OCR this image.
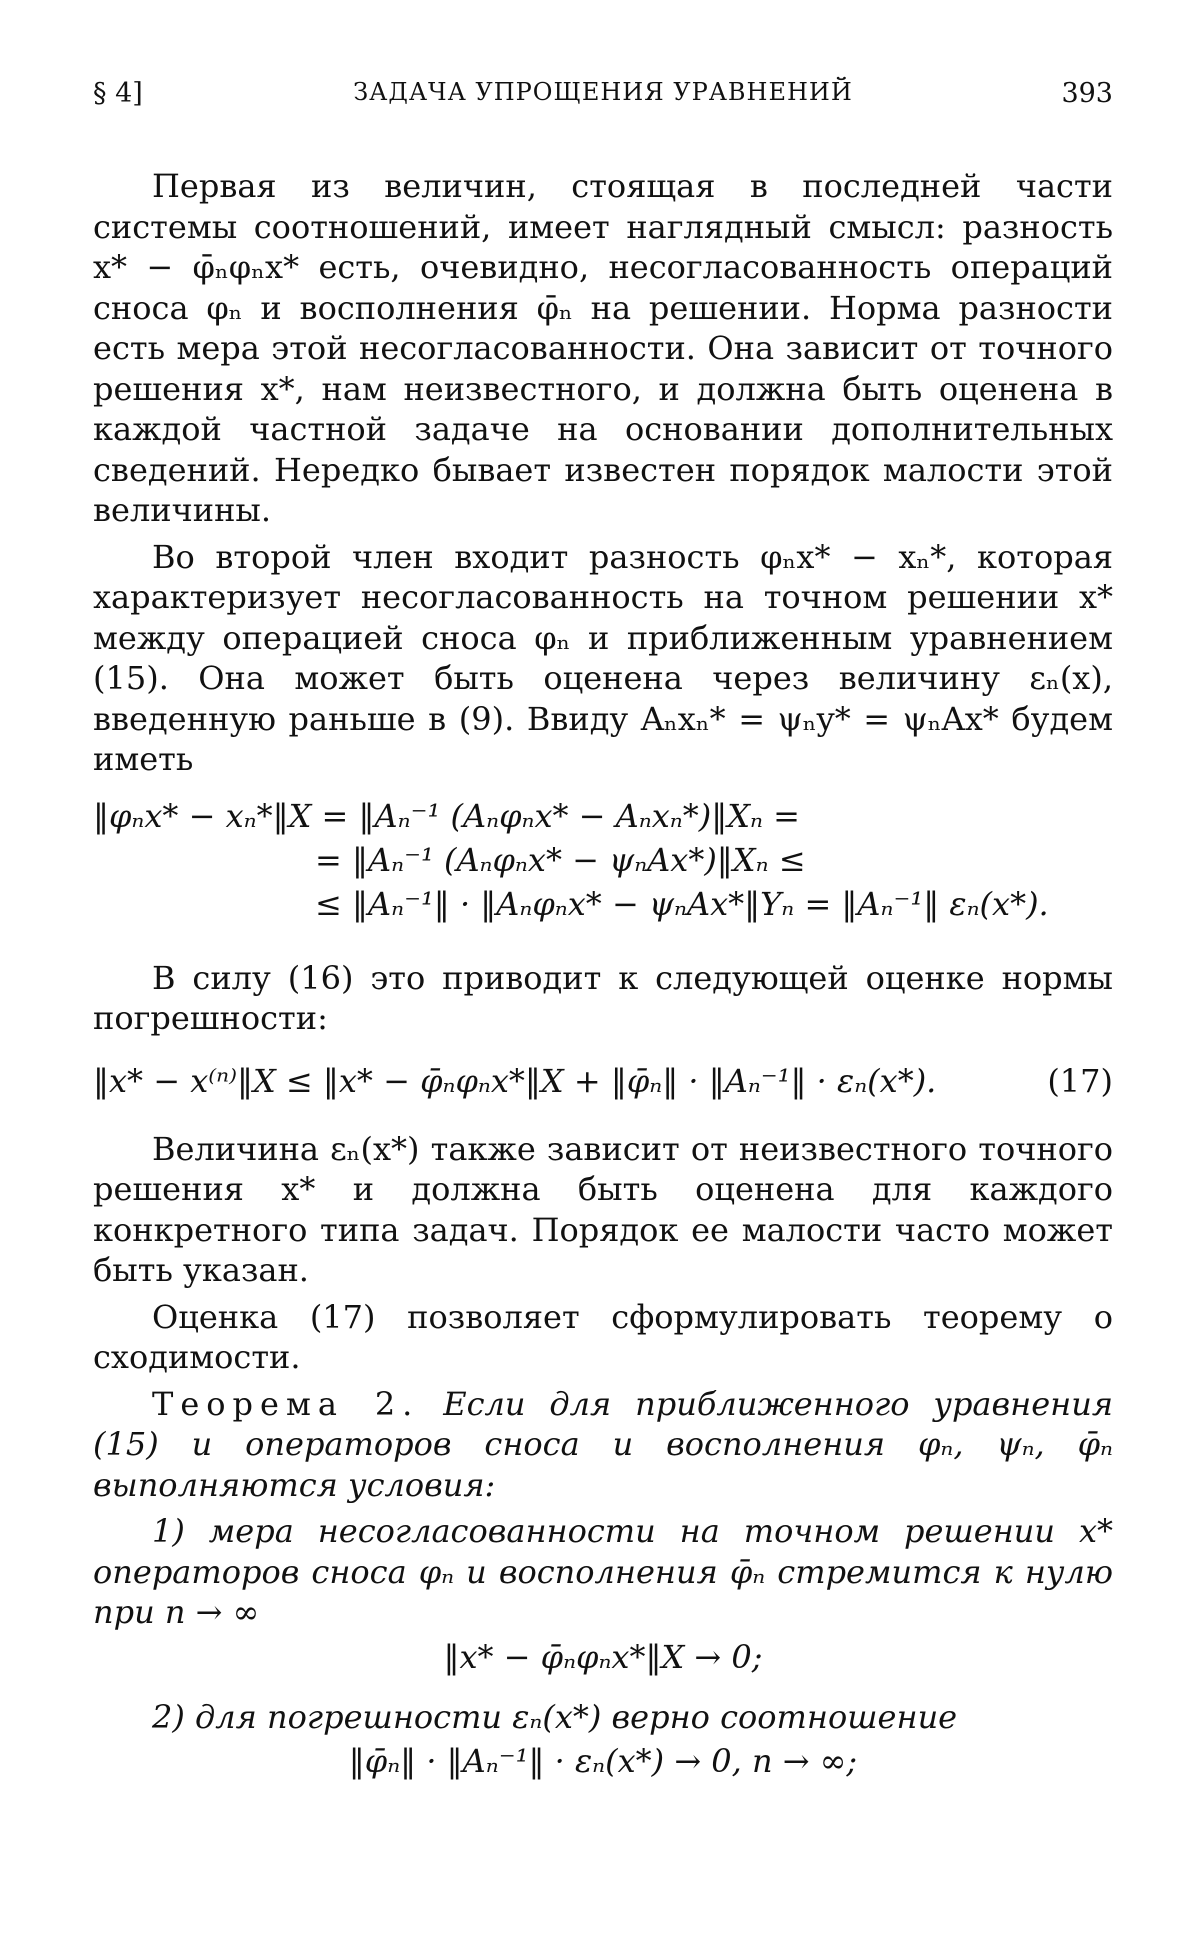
§ 4]	ЗАДАЧА УПРОЩЕНИЯ УРАВНЕНИЙ	393

Первая из величин, стоящая в последней части системы соотношений, имеет наглядный смысл: разность x* − φ̄ₙφₙx* есть, очевидно, несогласованность операций сноса φₙ и восполнения φ̄ₙ на решении. Норма разности есть мера этой несогласованности. Она зависит от точного решения x*, нам неизвестного, и должна быть оценена в каждой частной задаче на основании дополнительных сведений. Нередко бывает известен порядок малости этой величины.

Во второй член входит разность φₙx* − xₙ*, которая характеризует несогласованность на точном решении x* между операцией сноса φₙ и приближенным уравнением (15). Она может быть оценена через величину εₙ(x), введенную раньше в (9). Ввиду Aₙxₙ* = ψₙy* = ψₙAx* будем иметь

‖φₙx* − xₙ*‖X = ‖Aₙ⁻¹ (Aₙφₙx* − Aₙxₙ*)‖Xₙ =
= ‖Aₙ⁻¹ (Aₙφₙx* − ψₙAx*)‖Xₙ ≤
≤ ‖Aₙ⁻¹‖ · ‖Aₙφₙx* − ψₙAx*‖Yₙ = ‖Aₙ⁻¹‖ εₙ(x*).

В силу (16) это приводит к следующей оценке нормы погрешности:

‖x* − x⁽ⁿ⁾‖X ≤ ‖x* − φ̄ₙφₙx*‖X + ‖φ̄ₙ‖ · ‖Aₙ⁻¹‖ · εₙ(x*).	(17)

Величина εₙ(x*) также зависит от неизвестного точного решения x* и должна быть оценена для каждого конкретного типа задач. Порядок ее малости часто может быть указан.

Оценка (17) позволяет сформулировать теорему о сходимости.

Теорема 2. Если для приближенного уравнения (15) и операторов сноса и восполнения φₙ, ψₙ, φ̄ₙ выполняются условия:

1) мера несогласованности на точном решении x* операторов сноса φₙ и восполнения φ̄ₙ стремится к нулю при n → ∞

‖x* − φ̄ₙφₙx*‖X → 0;

2) для погрешности εₙ(x*) верно соотношение

‖φ̄ₙ‖ · ‖Aₙ⁻¹‖ · εₙ(x*) → 0, n → ∞;
